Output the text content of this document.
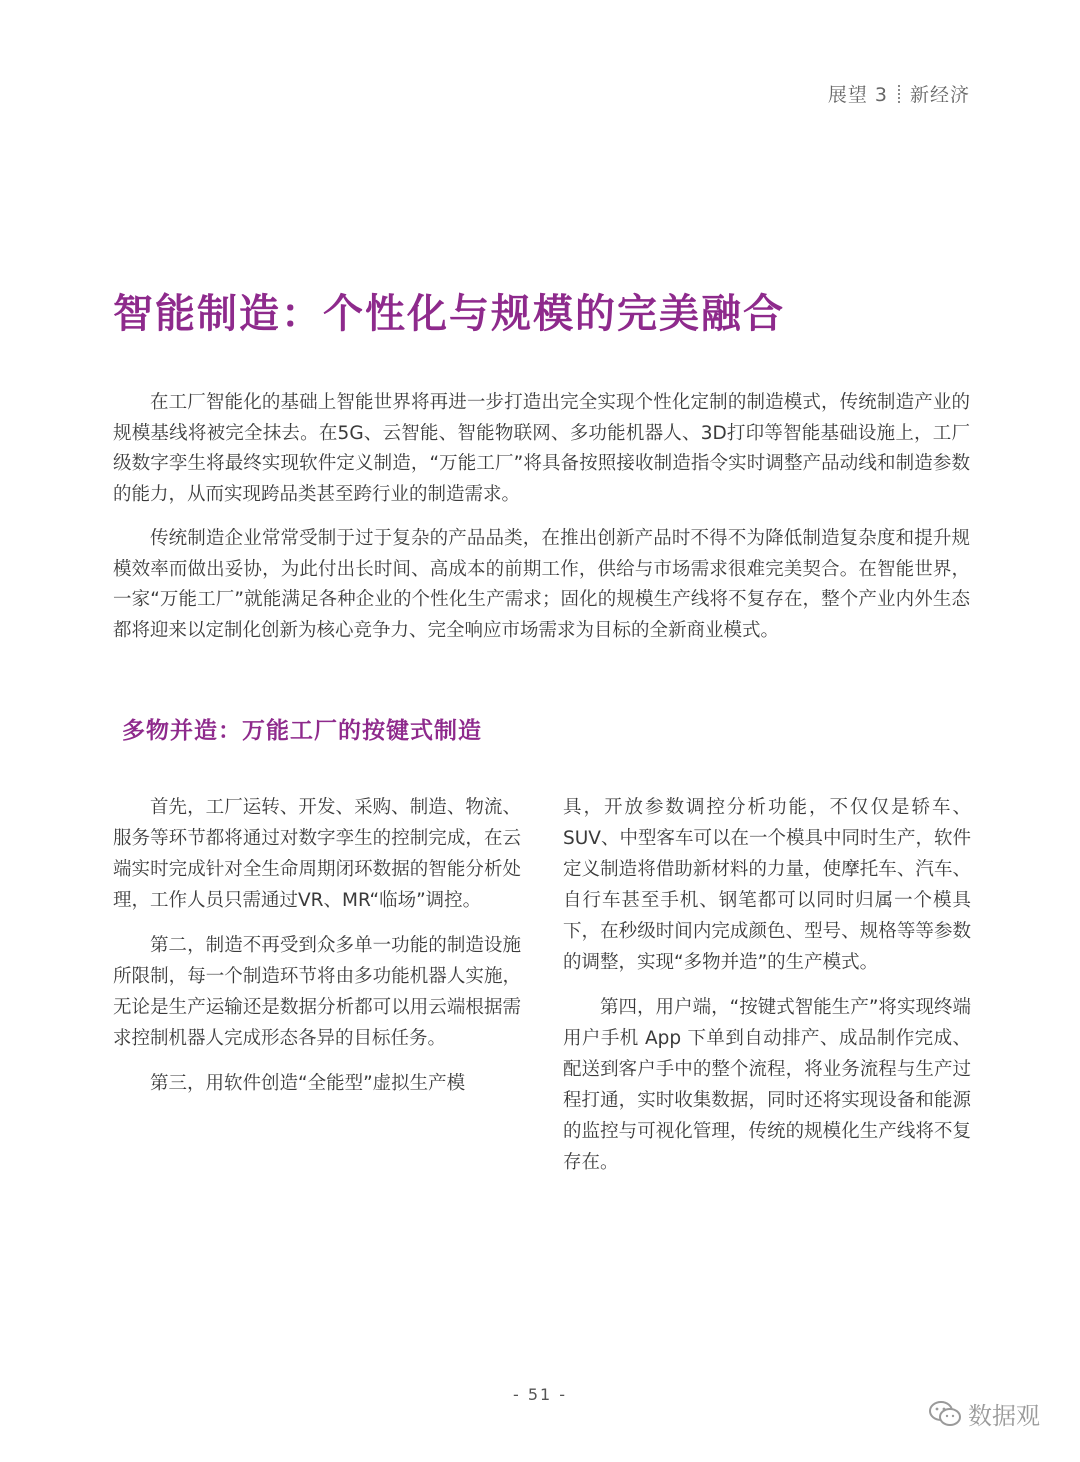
展望 3 新经济
智能制造：个性化与规模的完美融合

在工厂智能化的基础上智能世界将再进一步打造出完全实现个性化定制的制造模式，传统制造产业的规模基线将被完全抹去。在5G、云智能、智能物联网、多功能机器人、3D打印等智能基础设施上，工厂级数字孪生将最终实现软件定义制造，“万能工厂”将具备按照接收制造指令实时调整产品动线和制造参数的能力，从而实现跨品类甚至跨行业的制造需求。

传统制造企业常常受制于过于复杂的产品品类，在推出创新产品时不得不为降低制造复杂度和提升规模效率而做出妥协，为此付出长时间、高成本的前期工作，供给与市场需求很难完美契合。在智能世界，一家“万能工厂”就能满足各种企业的个性化生产需求；固化的规模生产线将不复存在，整个产业内外生态都将迎来以定制化创新为核心竞争力、完全响应市场需求为目标的全新商业模式。

多物并造：万能工厂的按键式制造

首先，工厂运转、开发、采购、制造、物流、服务等环节都将通过对数字孪生的控制完成，在云端实时完成针对全生命周期闭环数据的智能分析处理，工作人员只需通过VR、MR“临场”调控。

第二，制造不再受到众多单一功能的制造设施所限制，每一个制造环节将由多功能机器人实施，无论是生产运输还是数据分析都可以用云端根据需求控制机器人完成形态各异的目标任务。

第三，用软件创造“全能型”虚拟生产模

具，开放参数调控分析功能，不仅仅是轿车、SUV、中型客车可以在一个模具中同时生产，软件定义制造将借助新材料的力量，使摩托车、汽车、自行车甚至手机、钢笔都可以同时归属一个模具下，在秒级时间内完成颜色、型号、规格等等参数的调整，实现“多物并造”的生产模式。

第四，用户端，“按键式智能生产”将实现终端用户手机 App 下单到自动排产、成品制作完成、配送到客户手中的整个流程，将业务流程与生产过程打通，实时收集数据，同时还将实现设备和能源的监控与可视化管理，传统的规模化生产线将不复存在。

- 51 -
数据观
